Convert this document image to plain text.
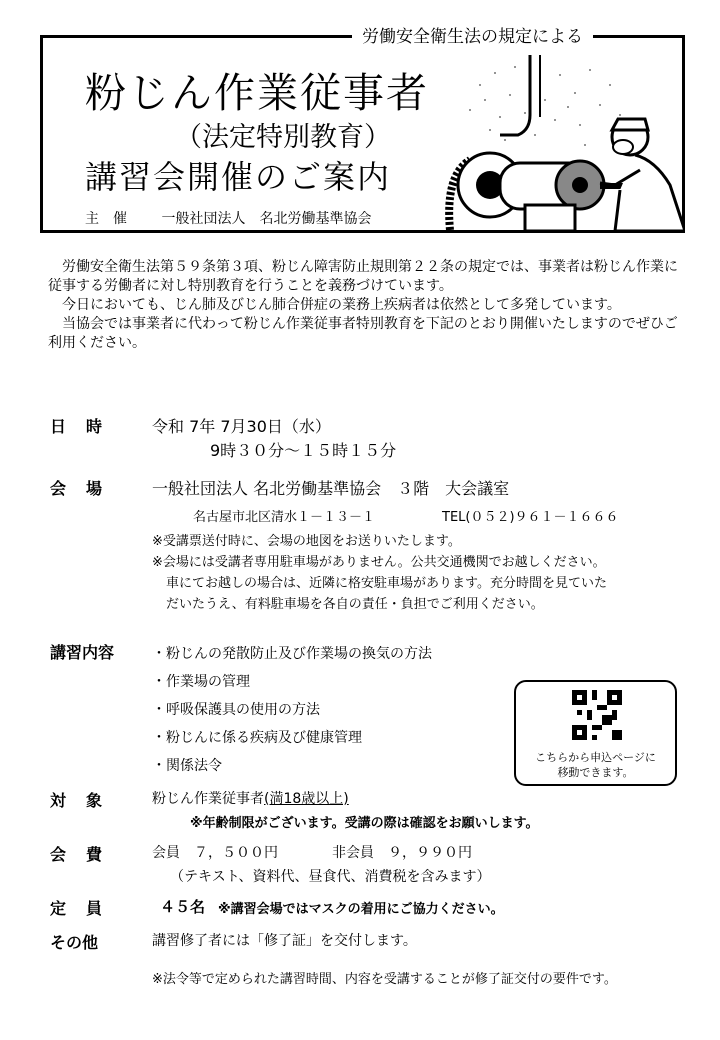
労働安全衛生法の規定による
粉じん作業従事者
（法定特別教育）
講習会開催のご案内
主　催 一般社団法人　名北労働基準協会

労働安全衛生法第５９条第３項、粉じん障害防止規則第２２条の規定では、事業者は粉じん作業に従事する労働者に対し特別教育を行うことを義務づけています。

今日においても、じん肺及びじん肺合併症の業務上疾病者は依然として多発しています。

当協会では事業者に代わって粉じん作業従事者特別教育を下記のとおり開催いたしますのでぜひご利用ください。

日　時	令和 7年 7月30日（水）
9時３０分～１５時１５分
会　場	一般社団法人 名北労働基準協会　３階　大会議室
名古屋市北区清水１－１３－１	TEL(０５２)９６１－１６６６
※受講票送付時に、会場の地図をお送りいたします。
※会場には受講者専用駐車場がありません。公共交通機関でお越しください。
車にてお越しの場合は、近隣に格安駐車場があります。充分時間を見ていた
だいたうえ、有料駐車場を各自の責任・負担でご利用ください。
講習内容	・粉じんの発散防止及び作業場の換気の方法
・作業場の管理
・呼吸保護具の使用の方法
・粉じんに係る疾病及び健康管理
・関係法令
こちらから申込ページに
移動できます。
対　象	粉じん作業従事者(満18歳以上)
※年齢制限がございます。受講の際は確認をお願いします。
会　費	会員　７，５００円	非会員　９，９９０円
（テキスト、資料代、昼食代、消費税を含みます）
定　員	４５名 ※講習会場ではマスクの着用にご協力ください。
その他	講習修了者には「修了証」を交付します。
※法令等で定められた講習時間、内容を受講することが修了証交付の要件です。
